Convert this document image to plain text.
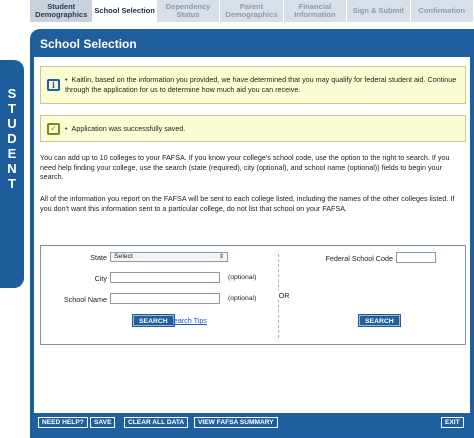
Student Demographics School Selection	Dependency Status
Parent Demographics
Financial Information	Sign & Submit Confirmation
S
T
U
D
E
N
T
School Selection
i
• Kaitlin, based on the information you provided, we have determined that you may qualify for federal student aid. Continue through the application for us to determine how much aid you can receive.
✓	• Application was successfully saved.
You can add up to 10 colleges to your FAFSA. If you know your college's school code, use the option to the right to search. If you need help finding your college, use the search (state (required), city (optional), and school name (optional)) fields to begin your search.
All of the information you report on the FAFSA will be sent to each college listed, including the names of the other colleges listed. If you don't want this information sent to a particular college, do not list that school on your FAFSA.
State	Select	⇕
City	(optional)
School Name	(optional)
SEARCH Search Tips
OR
Federal School Code
SEARCH
NEED HELP?	SAVE	CLEAR ALL DATA	VIEW FAFSA SUMMARY	EXIT
